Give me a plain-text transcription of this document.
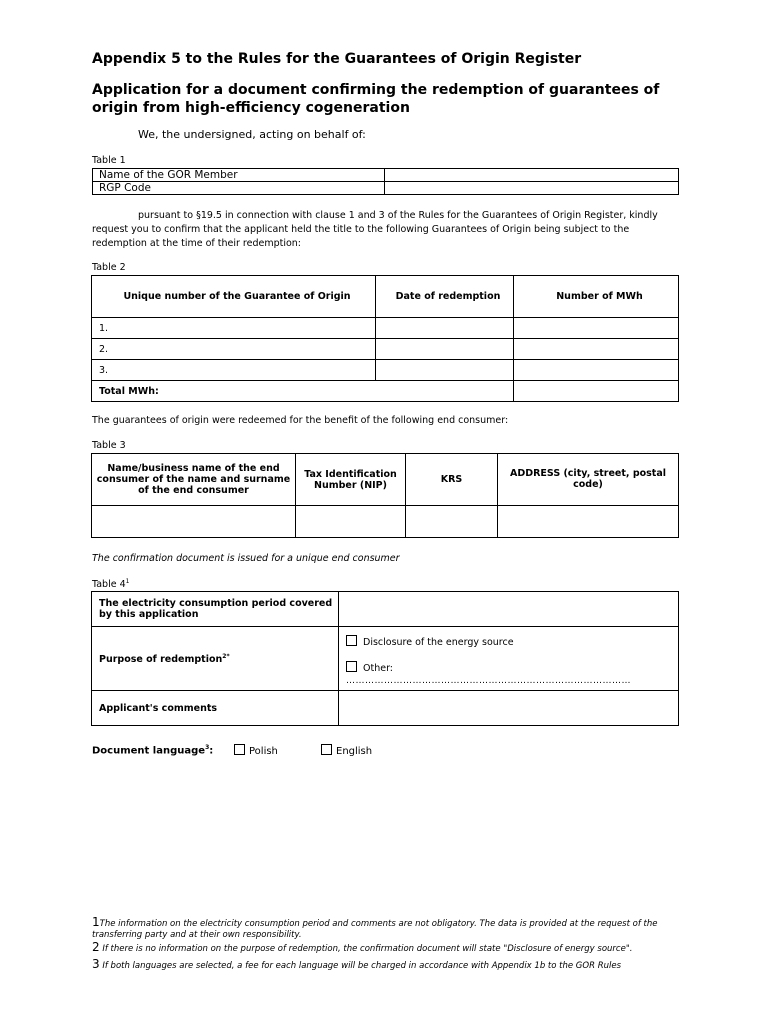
Appendix 5 to the Rules for the Guarantees of Origin Register
Application for a document confirming the redemption of guarantees of origin from high-efficiency cogeneration
We, the undersigned, acting on behalf of:
Table 1
Name of the GOR Member	
RGP Code	
pursuant to §19.5 in connection with clause 1 and 3 of the Rules for the Guarantees of Origin Register, kindly request you to confirm that the applicant held the title to the following Guarantees of Origin being subject to the redemption at the time of their redemption:
Table 2
Unique number of the Guarantee of Origin	Date of redemption	Number of MWh
1.		
2.		
3.		
Total MWh:		
The guarantees of origin were redeemed for the benefit of the following end consumer:
Table 3
Name/business name of the end consumer of the name and surname of the end consumer	Tax Identification Number (NIP)	KRS	ADDRESS (city, street, postal code)

The confirmation document is issued for a unique end consumer
Table $4^1$
The electricity consumption period covered by this application	
Purpose of redemption$^{2*}$	Disclosure of the energy source
Other:
………………………………………………………………………………

Applicant's comments	
Document language$^3$:	Polish	English
1The information on the electricity consumption period and comments are not obligatory. The data is provided at the request of the transferring party and at their own responsibility.
2 If there is no information on the purpose of redemption, the confirmation document will state "Disclosure of energy source".
3 If both languages are selected, a fee for each language will be charged in accordance with Appendix 1b to the GOR Rules
